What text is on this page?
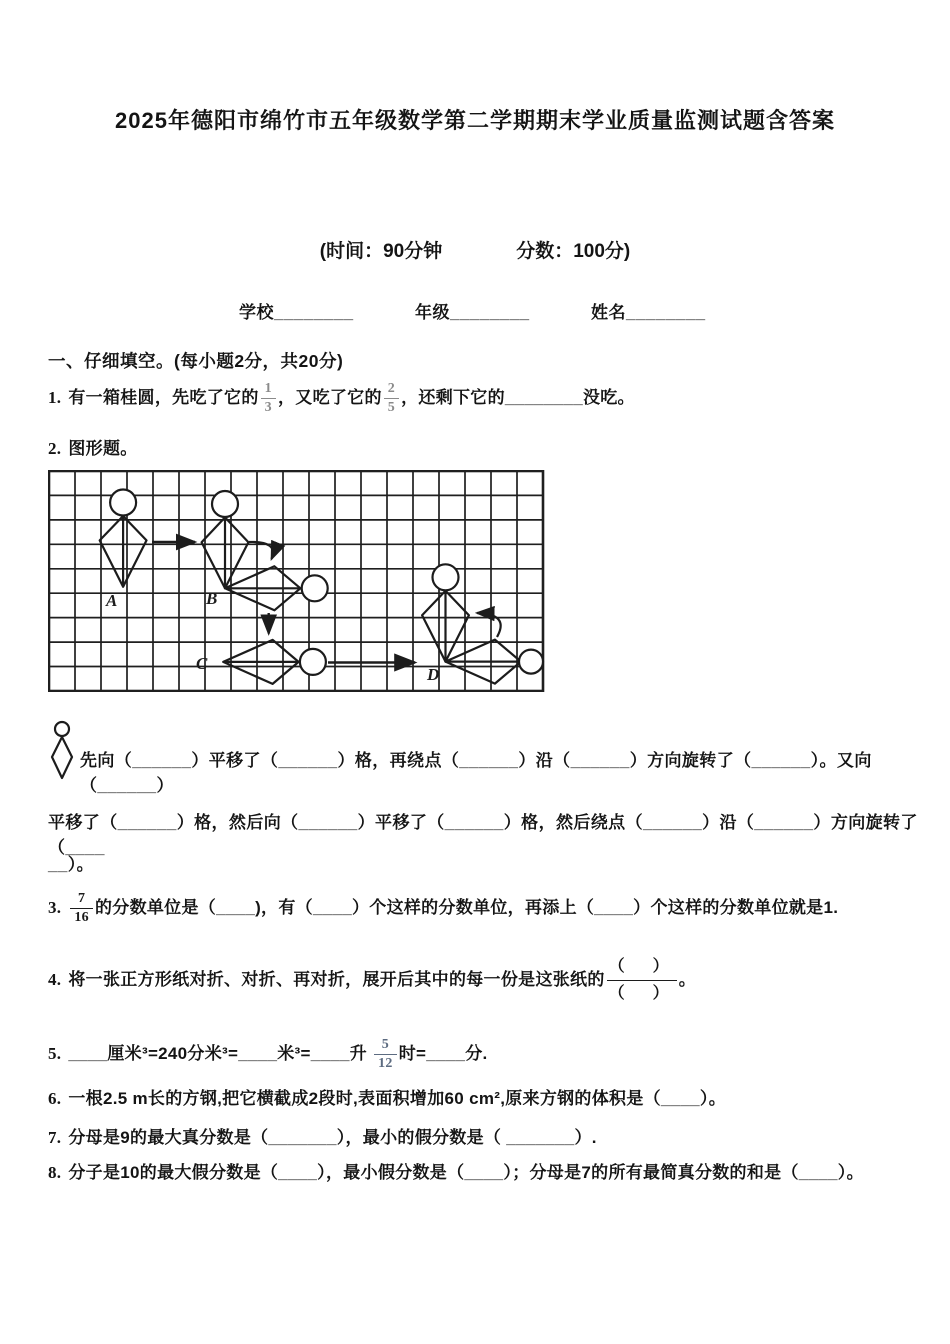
2025年德阳市绵竹市五年级数学第二学期期末学业质量监测试题含答案
(时间：90分钟	分数：100分)
学校________	年级________	姓名________
一、仔细填空。(每小题2分，共20分)
1. 有一箱桂圆，先吃了它的 $\frac{1}{3}$ ，又吃了它的 $\frac{2}{5}$ ，还剩下它的________没吃。
2. 图形题。
A	B
C
D
先向（______）平移了（______）格，再绕点（______）沿（______）方向旋转了（______）。又向（______）
平移了（______）格，然后向（______）平移了（______）格，然后绕点（______）沿（______）方向旋转了（____
__）。
3. $\frac{7}{16}$ 的分数单位是（____)，有（____）个这样的分数单位，再添上（____）个这样的分数单位就是1.
4. 将一张正方形纸对折、对折、再对折，展开后其中的每一份是这张纸的
（　）
（　）
。
5. ____厘米³=240分米³=____米³=____升 $\frac{5}{12}$ 时=____分.
6. 一根2.5 m长的方钢,把它横截成2段时,表面积增加60 cm²,原来方钢的体积是（____）。
7. 分母是9的最大真分数是（_______），最小的假分数是（ _______）.
8. 分子是10的最大假分数是（____），最小假分数是（____）；分母是7的所有最简真分数的和是（____）。
